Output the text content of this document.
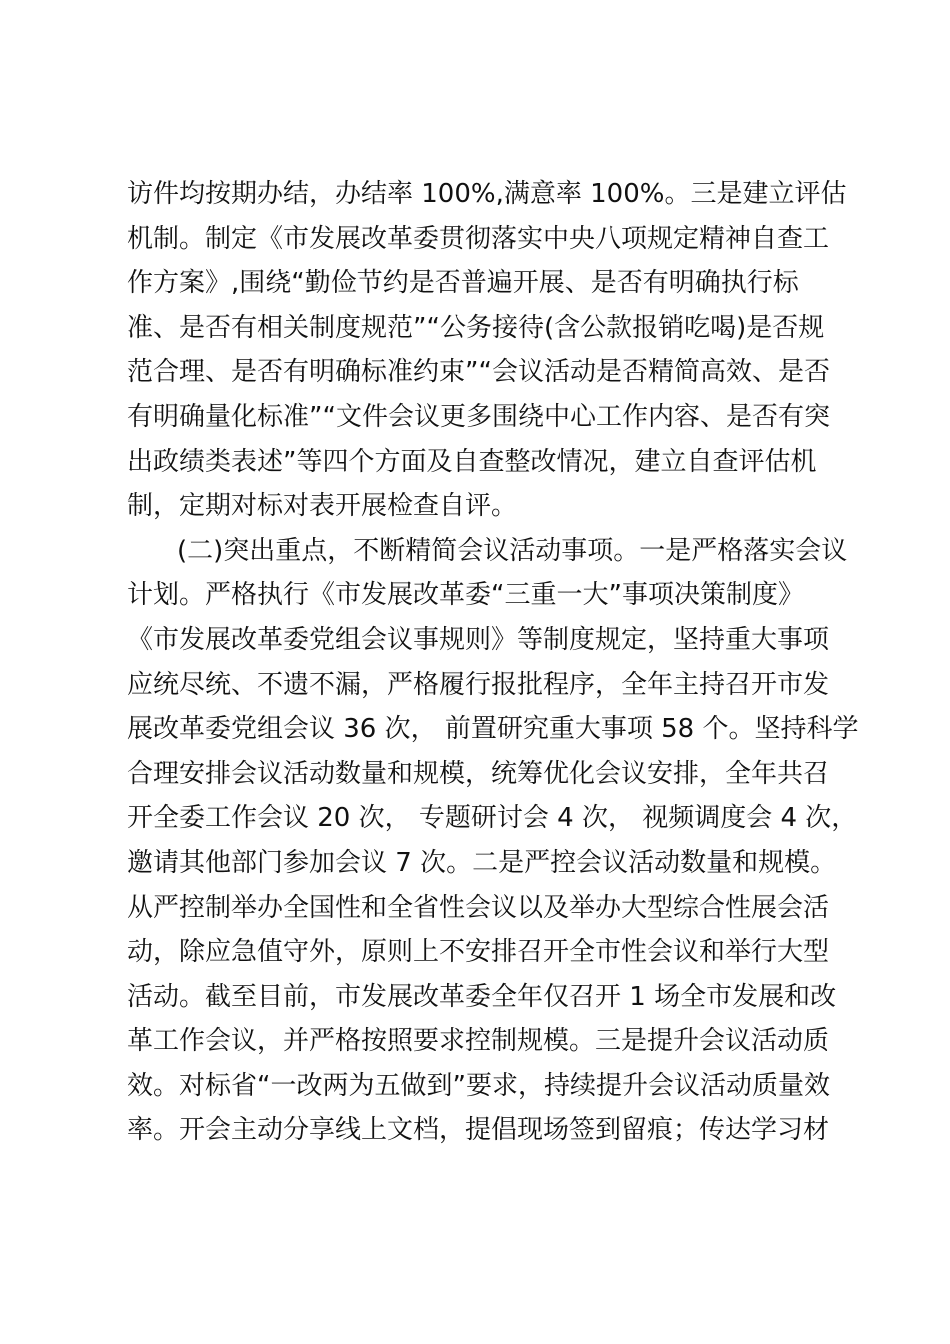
访件均按期办结，办结率 100%,满意率 100%。三是建立评估
机制。制定《市发展改革委贯彻落实中央八项规定精神自查工
作方案》,围绕“勤俭节约是否普遍开展、是否有明确执行标
准、是否有相关制度规范”“公务接待(含公款报销吃喝)是否规
范合理、是否有明确标准约束”“会议活动是否精简高效、是否
有明确量化标准”“文件会议更多围绕中心工作内容、是否有突
出政绩类表述”等四个方面及自查整改情况，建立自查评估机
制，定期对标对表开展检查自评。
(二)突出重点，不断精简会议活动事项。一是严格落实会议
计划。严格执行《市发展改革委“三重一大”事项决策制度》
《市发展改革委党组会议事规则》等制度规定，坚持重大事项
应统尽统、不遗不漏，严格履行报批程序，全年主持召开市发
展改革委党组会议 36 次， 前置研究重大事项 58 个。坚持科学
合理安排会议活动数量和规模，统筹优化会议安排，全年共召
开全委工作会议 20 次， 专题研讨会 4 次， 视频调度会 4 次，
邀请其他部门参加会议 7 次。二是严控会议活动数量和规模。
从严控制举办全国性和全省性会议以及举办大型综合性展会活
动，除应急值守外，原则上不安排召开全市性会议和举行大型
活动。截至目前，市发展改革委全年仅召开 1 场全市发展和改
革工作会议，并严格按照要求控制规模。三是提升会议活动质
效。对标省“一改两为五做到”要求，持续提升会议活动质量效
率。开会主动分享线上文档，提倡现场签到留痕；传达学习材
